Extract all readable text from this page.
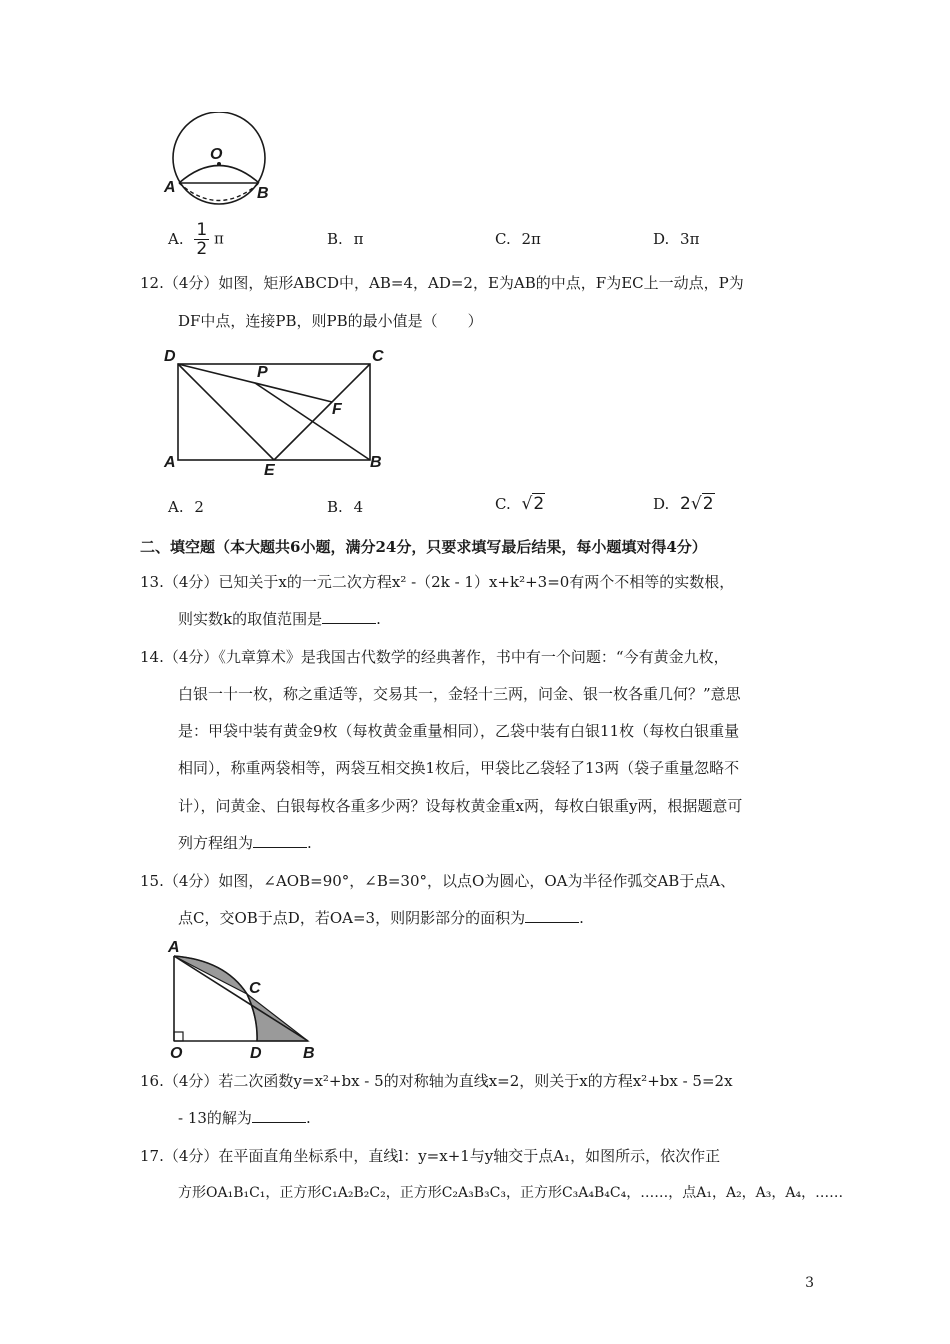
O
A	B
A. $\frac{1}{2}$ π	B. π	C. 2π	D. 3π
12.（4分）如图，矩形ABCD中，AB=4，AD=2，E为AB的中点，F为EC上一动点，P为
DF中点，连接PB，则PB的最小值是（　　）
D	C
A	B
E
P
F
A. 2	B. 4	C. √2	D. 2√2
二、填空题（本大题共6小题，满分24分，只要求填写最后结果，每小题填对得4分）
13.（4分）已知关于x的一元二次方程x² -（2k - 1）x+k²+3=0有两个不相等的实数根，
则实数k的取值范围是	.
14.（4分）《九章算术》是我国古代数学的经典著作，书中有一个问题：“今有黄金九枚，
白银一十一枚，称之重适等，交易其一，金轻十三两，问金、银一枚各重几何？”意思
是：甲袋中装有黄金9枚（每枚黄金重量相同），乙袋中装有白银11枚（每枚白银重量
相同），称重两袋相等，两袋互相交换1枚后，甲袋比乙袋轻了13两（袋子重量忽略不
计），问黄金、白银每枚各重多少两？设每枚黄金重x两，每枚白银重y两，根据题意可
列方程组为	.
15.（4分）如图，∠AOB=90°，∠B=30°，以点O为圆心，OA为半径作弧交AB于点A、
点C，交OB于点D，若OA=3，则阴影部分的面积为	.
A
C
O	D	B
16.（4分）若二次函数y=x²+bx - 5的对称轴为直线x=2，则关于x的方程x²+bx - 5=2x
- 13的解为	.
17.（4分）在平面直角坐标系中，直线l：y=x+1与y轴交于点A₁，如图所示，依次作正
方形OA₁B₁C₁，正方形C₁A₂B₂C₂，正方形C₂A₃B₃C₃，正方形C₃A₄B₄C₄，……，点A₁，A₂，A₃，A₄，……
3
